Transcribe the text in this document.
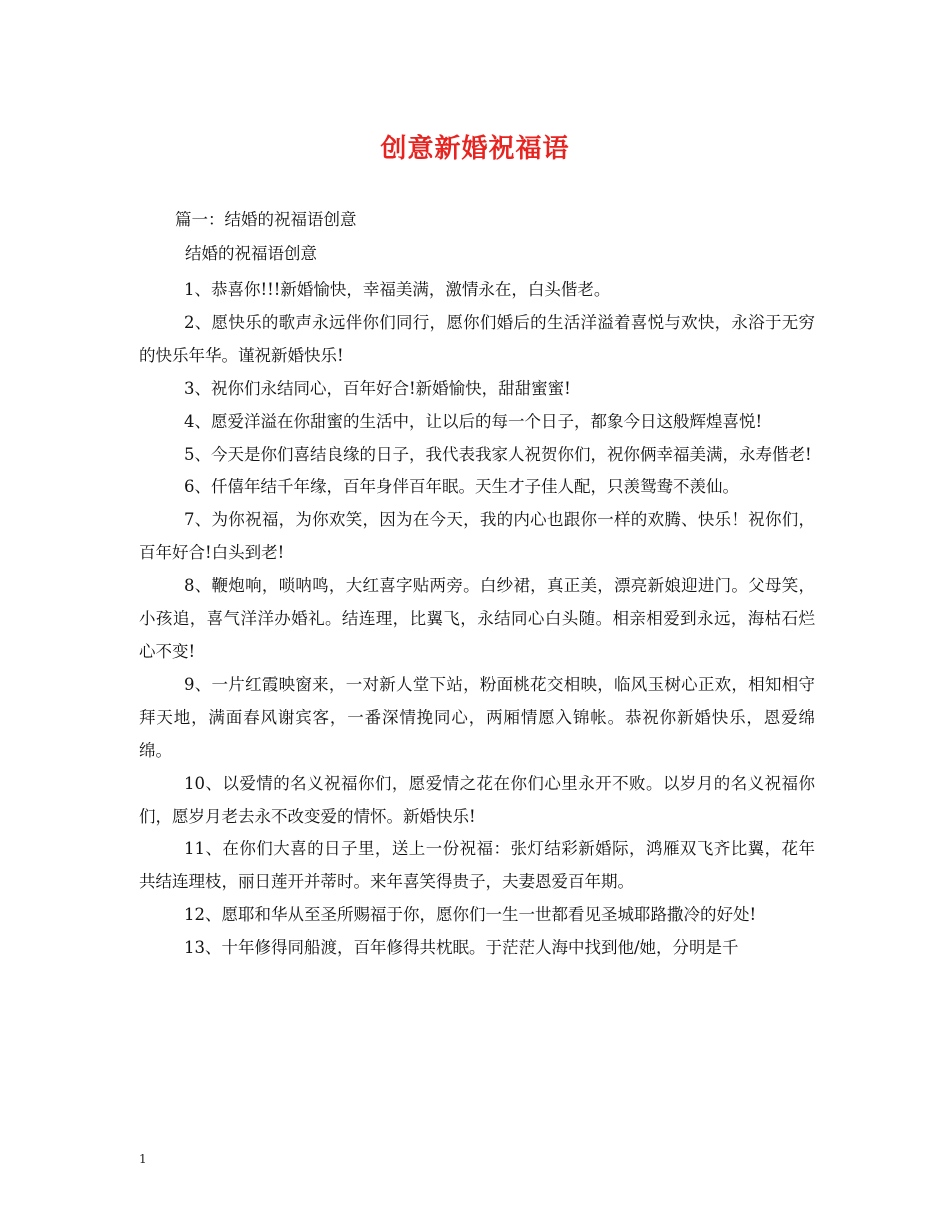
创意新婚祝福语
篇一：结婚的祝福语创意
结婚的祝福语创意

1、恭喜你!!!新婚愉快，幸福美满，激情永在，白头偕老。

2、愿快乐的歌声永远伴你们同行，愿你们婚后的生活洋溢着喜悦与欢快，永浴于无穷的快乐年华。谨祝新婚快乐!

3、祝你们永结同心，百年好合!新婚愉快，甜甜蜜蜜!

4、愿爱洋溢在你甜蜜的生活中，让以后的每一个日子，都象今日这般辉煌喜悦!

5、今天是你们喜结良缘的日子，我代表我家人祝贺你们，祝你俩幸福美满，永寿偕老!

6、仟僖年结千年缘，百年身伴百年眠。天生才子佳人配，只羡鸳鸯不羡仙。

7、为你祝福，为你欢笑，因为在今天，我的内心也跟你一样的欢腾、快乐！祝你们，百年好合!白头到老!

8、鞭炮响，唢呐鸣，大红喜字贴两旁。白纱裙，真正美，漂亮新娘迎进门。父母笑，小孩追，喜气洋洋办婚礼。结连理，比翼飞，永结同心白头随。相亲相爱到永远，海枯石烂心不变!

9、一片红霞映窗来，一对新人堂下站，粉面桃花交相映，临风玉树心正欢，相知相守拜天地，满面春风谢宾客，一番深情挽同心，两厢情愿入锦帐。恭祝你新婚快乐，恩爱绵绵。

10、以爱情的名义祝福你们，愿爱情之花在你们心里永开不败。以岁月的名义祝福你们，愿岁月老去永不改变爱的情怀。新婚快乐!

11、在你们大喜的日子里，送上一份祝福：张灯结彩新婚际，鸿雁双飞齐比翼，花年共结连理枝，丽日莲开并蒂时。来年喜笑得贵子，夫妻恩爱百年期。

12、愿耶和华从至圣所赐福于你，愿你们一生一世都看见圣城耶路撒冷的好处!

13、十年修得同船渡，百年修得共枕眠。于茫茫人海中找到他/她，分明是千

1
